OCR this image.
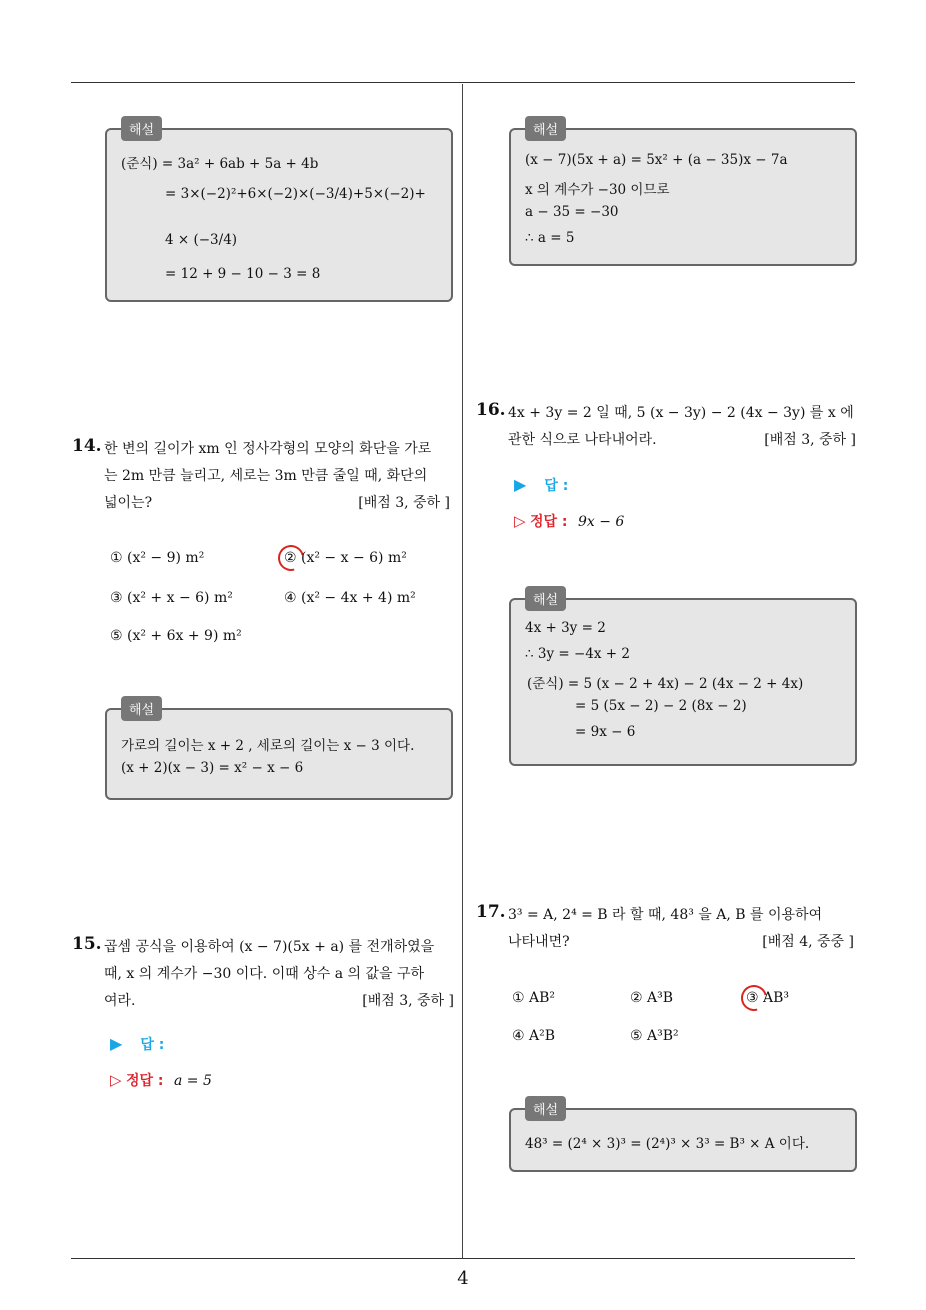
해설
(준식) = 3a² + 6ab + 5a + 4b
= 3×(−2)²+6×(−2)×(−3/4)+5×(−2)+
4 × (−3/4)
= 12 + 9 − 10 − 3 = 8
해설
(x − 7)(5x + a) = 5x² + (a − 35)x − 7a
x 의 계수가 −30 이므로
a − 35 = −30
∴ a = 5
14. 한 변의 길이가 xm 인 정사각형의 모양의 화단을 가로
는 2m 만큼 늘리고, 세로는 3m 만큼 줄일 때, 화단의
넓이는?	[배점 3, 중하 ]
① (x² − 9) m²	② (x² − x − 6) m²
③ (x² + x − 6) m²	④ (x² − 4x + 4) m²
⑤ (x² + 6x + 9) m²
해설
가로의 길이는 x + 2 , 세로의 길이는 x − 3 이다.
(x + 2)(x − 3) = x² − x − 6
15. 곱셈 공식을 이용하여 (x − 7)(5x + a) 를 전개하였을
때, x 의 계수가 −30 이다. 이때 상수 a 의 값을 구하
여라.	[배점 3, 중하 ]
▶ 답 :
▷ 정답 : a = 5
16. 4x + 3y = 2 일 때, 5 (x − 3y) − 2 (4x − 3y) 를 x 에
관한 식으로 나타내어라.	[배점 3, 중하 ]
▶ 답 :
▷ 정답 : 9x − 6
해설
4x + 3y = 2
∴ 3y = −4x + 2
(준식) = 5 (x − 2 + 4x) − 2 (4x − 2 + 4x)
= 5 (5x − 2) − 2 (8x − 2)
= 9x − 6
17. 3³ = A, 2⁴ = B 라 할 때, 48³ 을 A, B 를 이용하여
나타내면?	[배점 4, 중중 ]
① AB²	② A³B	③ AB³
④ A²B	⑤ A³B²
해설
48³ = (2⁴ × 3)³ = (2⁴)³ × 3³ = B³ × A 이다.
4
